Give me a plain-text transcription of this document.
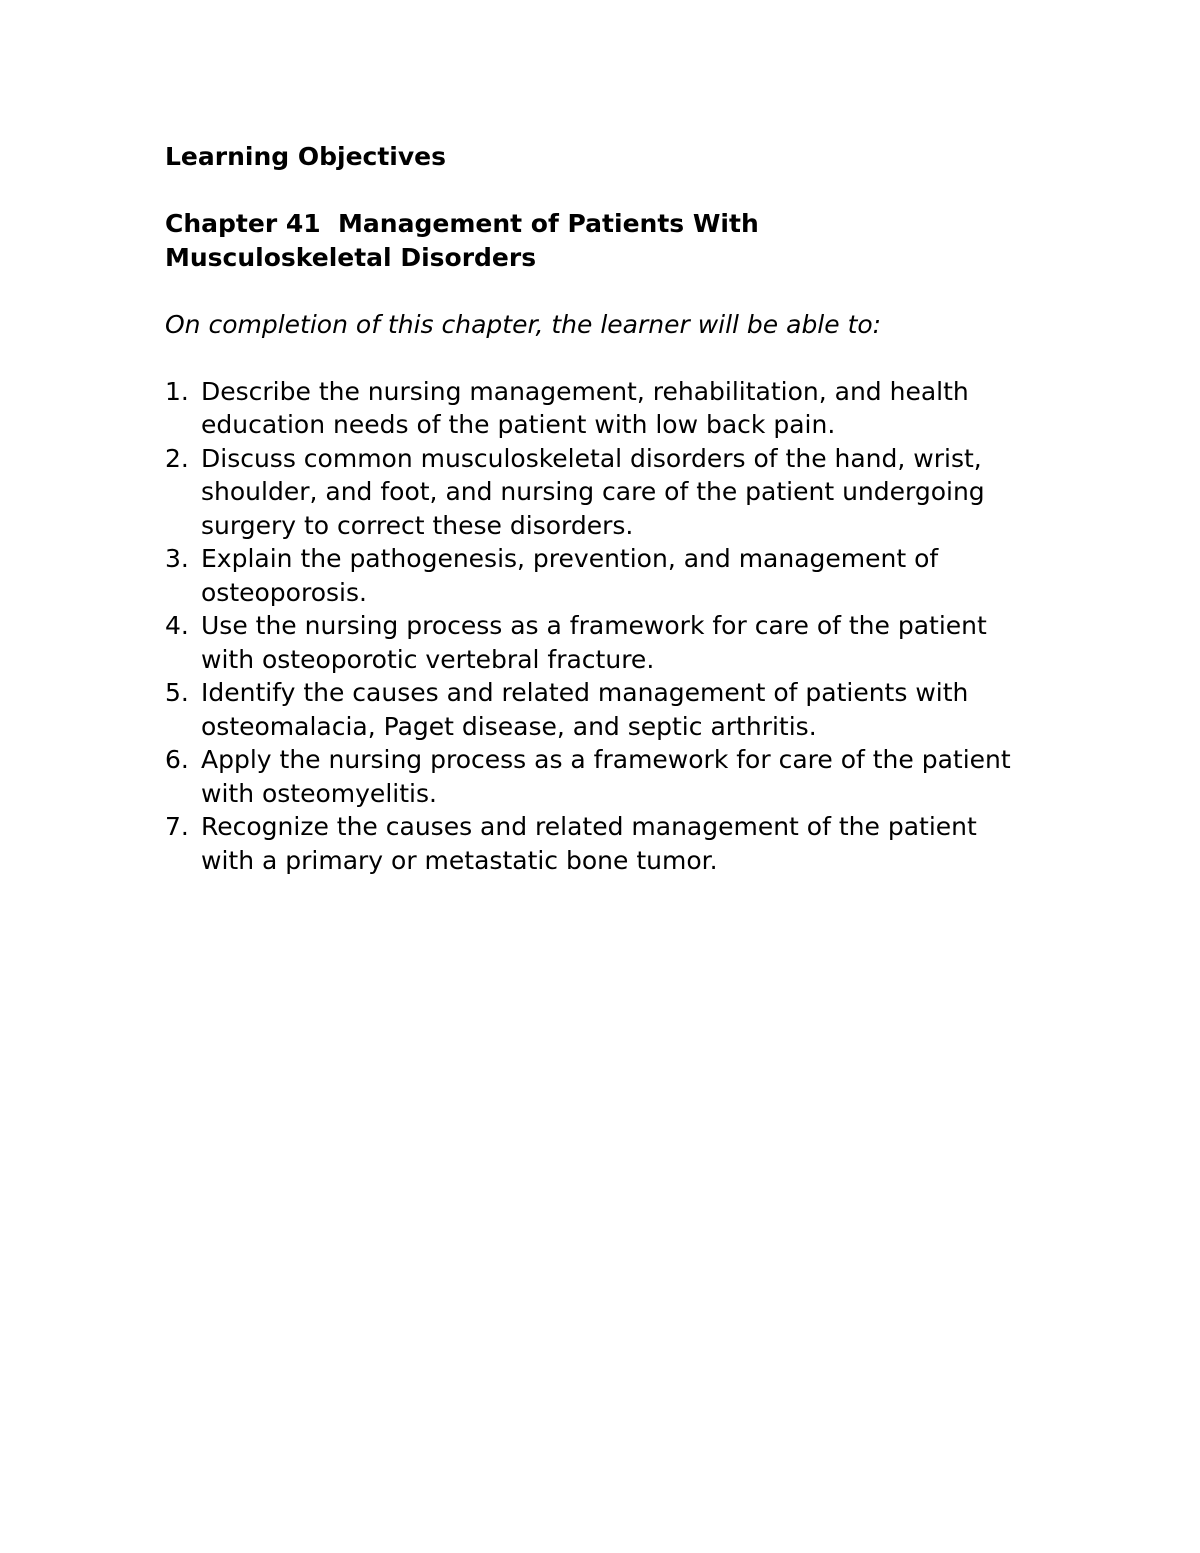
Learning Objectives
Chapter 41  Management of Patients With
Musculoskeletal Disorders
On completion of this chapter, the learner will be able to:
1. Describe the nursing management, rehabilitation, and health education needs of the patient with low back pain.
2. Discuss common musculoskeletal disorders of the hand, wrist, shoulder, and foot, and nursing care of the patient undergoing surgery to correct these disorders.
3. Explain the pathogenesis, prevention, and management of osteoporosis.
4. Use the nursing process as a framework for care of the patient with osteoporotic vertebral fracture.
5. Identify the causes and related management of patients with osteomalacia, Paget disease, and septic arthritis.
6. Apply the nursing process as a framework for care of the patient with osteomyelitis.
7. Recognize the causes and related management of the patient with a primary or metastatic bone tumor.
